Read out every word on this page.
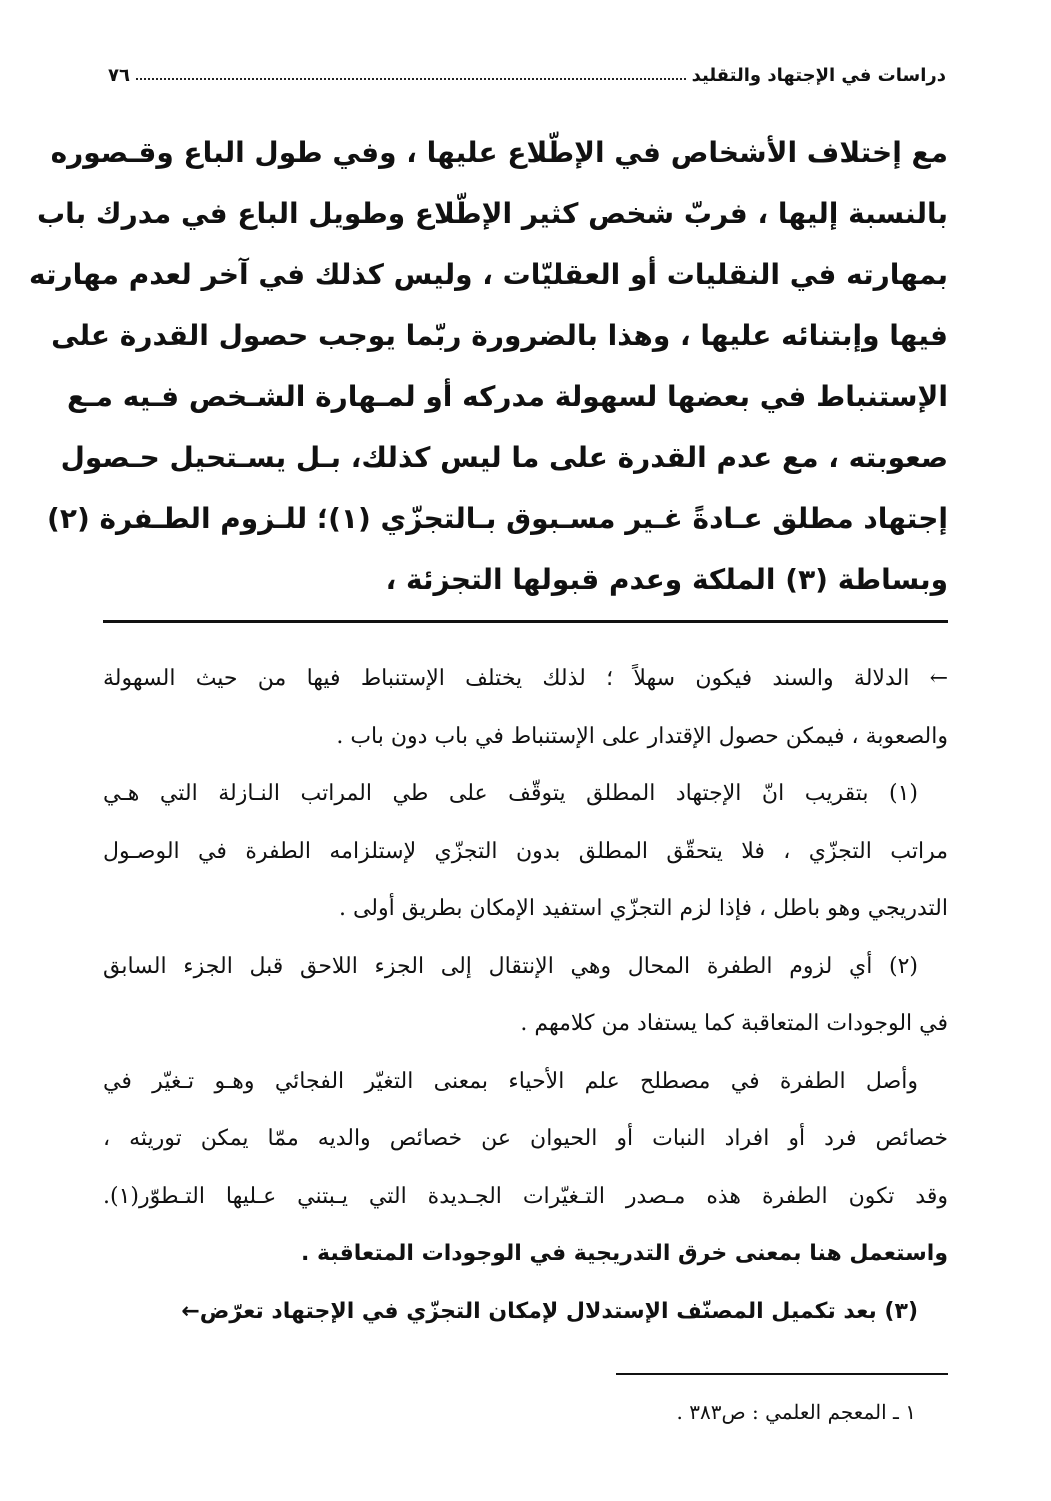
دراسات في الإجتهاد والتقليد
٧٦
مع إختلاف الأشخاص في الإطّلاع عليها ، وفي طول الباع وقـصوره
بالنسبة إليها ، فربّ شخص كثير الإطّلاع وطويل الباع في مدرك باب
بمهارته في النقليات أو العقليّات ، وليس كذلك في آخر لعدم مهارته
فيها وإبتنائه عليها ، وهذا بالضرورة ربّما يوجب حصول القدرة على
الإستنباط في بعضها لسهولة مدركه أو لمـهارة الشـخص فـيه مـع
صعوبته ، مع عدم القدرة على ما ليس كذلك، بـل يسـتحيل حـصول
إجتهاد مطلق عـادةً غـير مسـبوق بـالتجزّي (١)؛ للـزوم الطـفرة (٢)
وبساطة (٣) الملكة وعدم قبولها التجزئة ،
← الدلالة والسند فيكون سهلاً ؛ لذلك يختلف الإستنباط فيها من حيث السهولة
والصعوبة ، فيمكن حصول الإقتدار على الإستنباط في باب دون باب .
(١) بتقريب انّ الإجتهاد المطلق يتوقّف على طي المراتب النـازلة التي هـي
مراتب التجزّي ، فلا يتحقّق المطلق بدون التجزّي لإستلزامه الطفرة في الوصـول
التدريجي وهو باطل ، فإذا لزم التجزّي استفيد الإمكان بطريق أولى .
(٢) أي لزوم الطفرة المحال وهي الإنتقال إلى الجزء اللاحق قبل الجزء السابق
في الوجودات المتعاقبة كما يستفاد من كلامهم .
وأصل الطفرة في مصطلح علم الأحياء بمعنى التغيّر الفجائي وهـو تـغيّر في
خصائص فرد أو افراد النبات أو الحيوان عن خصائص والديه ممّا يمكن توريثه ،
وقد تكون الطفرة هذه مـصدر التـغيّرات الجـديدة التي يـبتني عـليها التـطوّر(١).
واستعمل هنا بمعنى خرق التدريجية في الوجودات المتعاقبة .
(٣) بعد تكميل المصنّف الإستدلال لإمكان التجزّي في الإجتهاد تعرّض←
١ ـ المعجم العلمي : ص٣٨٣ .
